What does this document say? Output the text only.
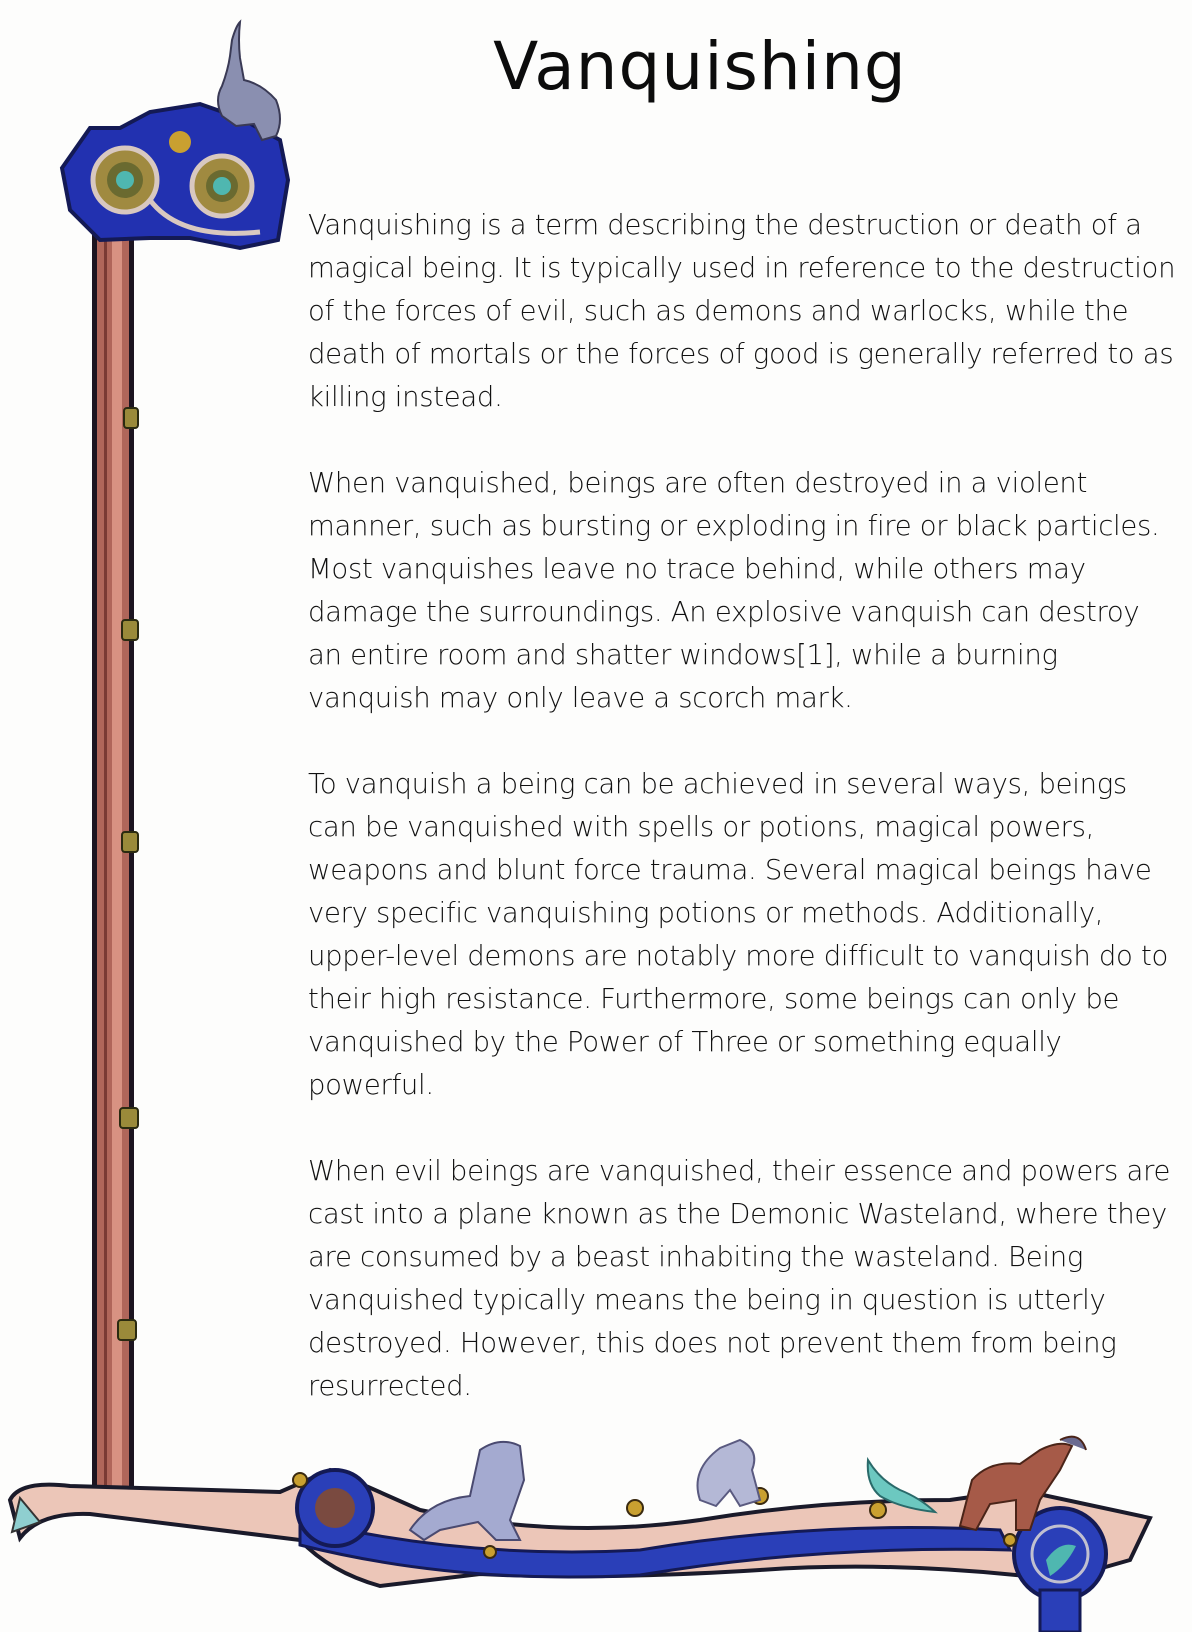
Vanquishing

Vanquishing is a term describing the destruction or death of a magical being. It is typically used in reference to the destruction of the forces of evil, such as demons and warlocks, while the death of mortals or the forces of good is generally referred to as killing instead.

When vanquished, beings are often destroyed in a violent manner, such as bursting or exploding in fire or black particles. Most vanquishes leave no trace behind, while others may damage the surroundings. An explosive vanquish can destroy an entire room and shatter windows[1], while a burning vanquish may only leave a scorch mark.

To vanquish a being can be achieved in several ways, beings can be vanquished with spells or potions, magical powers, weapons and blunt force trauma. Several magical beings have very specific vanquishing potions or methods. Additionally, upper-level demons are notably more difficult to vanquish do to their high resistance. Furthermore, some beings can only be vanquished by the Power of Three or something equally powerful.

When evil beings are vanquished, their essence and powers are cast into a plane known as the Demonic Wasteland, where they are consumed by a beast inhabiting the wasteland. Being vanquished typically means the being in question is utterly destroyed. However, this does not prevent them from being resurrected.
